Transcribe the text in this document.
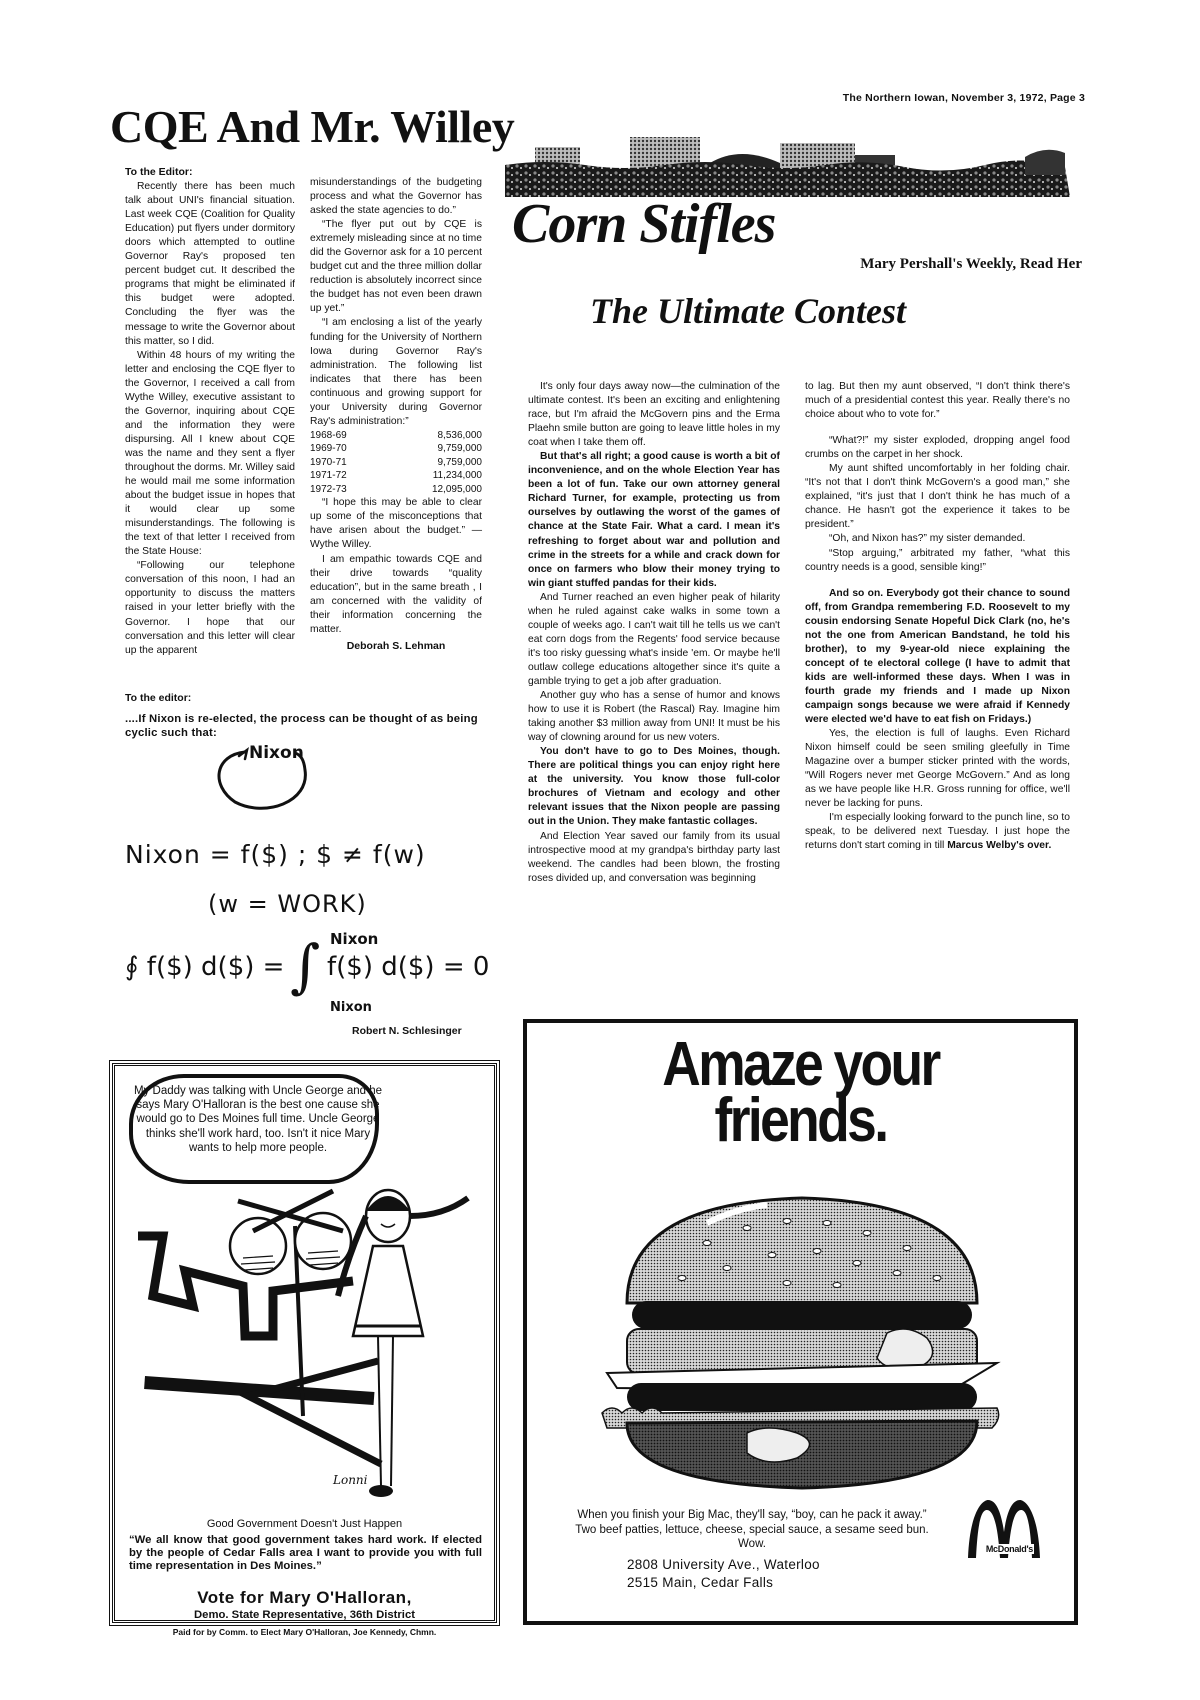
The Northern Iowan, November 3, 1972, Page 3
CQE And Mr. Willey
To the Editor:

Recently there has been much talk about UNI's financial situation. Last week CQE (Coalition for Quality Education) put flyers under dormitory doors which attempted to outline Governor Ray's proposed ten percent budget cut. It described the programs that might be eliminated if this budget were adopted. Concluding the flyer was the message to write the Governor about this matter, so I did.

Within 48 hours of my writing the letter and enclosing the CQE flyer to the Governor, I received a call from Wythe Willey, executive assistant to the Governor, inquiring about CQE and the information they were dispursing. All I knew about CQE was the name and they sent a flyer throughout the dorms. Mr. Willey said he would mail me some information about the budget issue in hopes that it would clear up some misunderstandings. The following is the text of that letter I received from the State House:

“Following our telephone conversation of this noon, I had an opportunity to discuss the matters raised in your letter briefly with the Governor. I hope that our conversation and this letter will clear up the apparent

misunderstandings of the budgeting process and what the Governor has asked the state agencies to do.”

“The flyer put out by CQE is extremely misleading since at no time did the Governor ask for a 10 percent budget cut and the three million dollar reduction is absolutely incorrect since the budget has not even been drawn up yet.”

“I am enclosing a list of the yearly funding for the University of Northern Iowa during Governor Ray's administration. The following list indicates that there has been continuous and growing support for your University during Governor Ray's administration:”

1968-69	8,536,000
1969-70	9,759,000
1970-71	9,759,000
1971-72	11,234,000
1972-73	12,095,000

“I hope this may be able to clear up some of the misconceptions that have arisen about the budget.” — Wythe Willey.

I am empathic towards CQE and their drive towards “quality education”, but in the same breath , I am concerned with the validity of their information concerning the matter.

Deborah S. Lehman
To the editor:
....If Nixon is re-elected, the process can be thought of as being cyclic such that:
Nixon
Nixon = f($) ; $ ≠ f(w)
(w = WORK)
∮ f($) d($) = ∫ Nixon
f($) d($) = 0
Nixon
Robert N. Schlesinger
Corn Stifles
Mary Pershall's Weekly, Read Her
The Ultimate Contest

It's only four days away now—the culmination of the ultimate contest. It's been an exciting and enlightening race, but I'm afraid the McGovern pins and the Erma Plaehn smile button are going to leave little holes in my coat when I take them off.

But that's all right; a good cause is worth a bit of inconvenience, and on the whole Election Year has been a lot of fun. Take our own attorney general Richard Turner, for example, protecting us from ourselves by outlawing the worst of the games of chance at the State Fair. What a card. I mean it's refreshing to forget about war and pollution and crime in the streets for a while and crack down for once on farmers who blow their money trying to win giant stuffed pandas for their kids.

And Turner reached an even higher peak of hilarity when he ruled against cake walks in some town a couple of weeks ago. I can't wait till he tells us we can't eat corn dogs from the Regents' food service because it's too risky guessing what's inside 'em. Or maybe he'll outlaw college educations altogether since it's quite a gamble trying to get a job after graduation.

Another guy who has a sense of humor and knows how to use it is Robert (the Rascal) Ray. Imagine him taking another $3 million away from UNI! It must be his way of clowning around for us new voters.

You don't have to go to Des Moines, though. There are political things you can enjoy right here at the university. You know those full-color brochures of Vietnam and ecology and other relevant issues that the Nixon people are passing out in the Union. They make fantastic collages.

And Election Year saved our family from its usual introspective mood at my grandpa's birthday party last weekend. The candles had been blown, the frosting roses divided up, and conversation was beginning

to lag. But then my aunt observed, “I don't think there's much of a presidential contest this year. Really there's no choice about who to vote for.”

“What?!” my sister exploded, dropping angel food crumbs on the carpet in her shock.

My aunt shifted uncomfortably in her folding chair. “It's not that I don't think McGovern's a good man,” she explained, “it's just that I don't think he has much of a chance. He hasn't got the experience it takes to be president.”

“Oh, and Nixon has?” my sister demanded.

“Stop arguing,” arbitrated my father, “what this country needs is a good, sensible king!”

And so on. Everybody got their chance to sound off, from Grandpa remembering F.D. Roosevelt to my cousin endorsing Senate Hopeful Dick Clark (no, he's not the one from American Bandstand, he told his brother), to my 9-year-old niece explaining the concept of te electoral college (I have to admit that kids are well-informed these days. When I was in fourth grade my friends and I made up Nixon campaign songs because we were afraid if Kennedy were elected we'd have to eat fish on Fridays.)

Yes, the election is full of laughs. Even Richard Nixon himself could be seen smiling gleefully in Time Magazine over a bumper sticker printed with the words, “Will Rogers never met George McGovern.” And as long as we have people like H.R. Gross running for office, we'll never be lacking for puns.

I'm especially looking forward to the punch line, so to speak, to be delivered next Tuesday. I just hope the returns don't start coming in till Marcus Welby's over.

My Daddy was talking with Uncle George and he says Mary O'Halloran is the best one cause she would go to Des Moines full time. Uncle George thinks she'll work hard, too. Isn't it nice Mary wants to help more people.
Lonni
Good Government Doesn't Just Happen
“We all know that good government takes hard work. If elected by the people of Cedar Falls area I want to provide you with full time representation in Des Moines.”
Vote for Mary O'Halloran,
Demo. State Representative, 36th District
Paid for by Comm. to Elect Mary O'Halloran, Joe Kennedy, Chmn.
Amaze your
friends.
When you finish your Big Mac, they'll say, “boy, can he pack it away.” Two beef patties, lettuce, cheese, special sauce, a sesame seed bun. Wow.	McDonald's
2808 University Ave., Waterloo
2515 Main, Cedar Falls
